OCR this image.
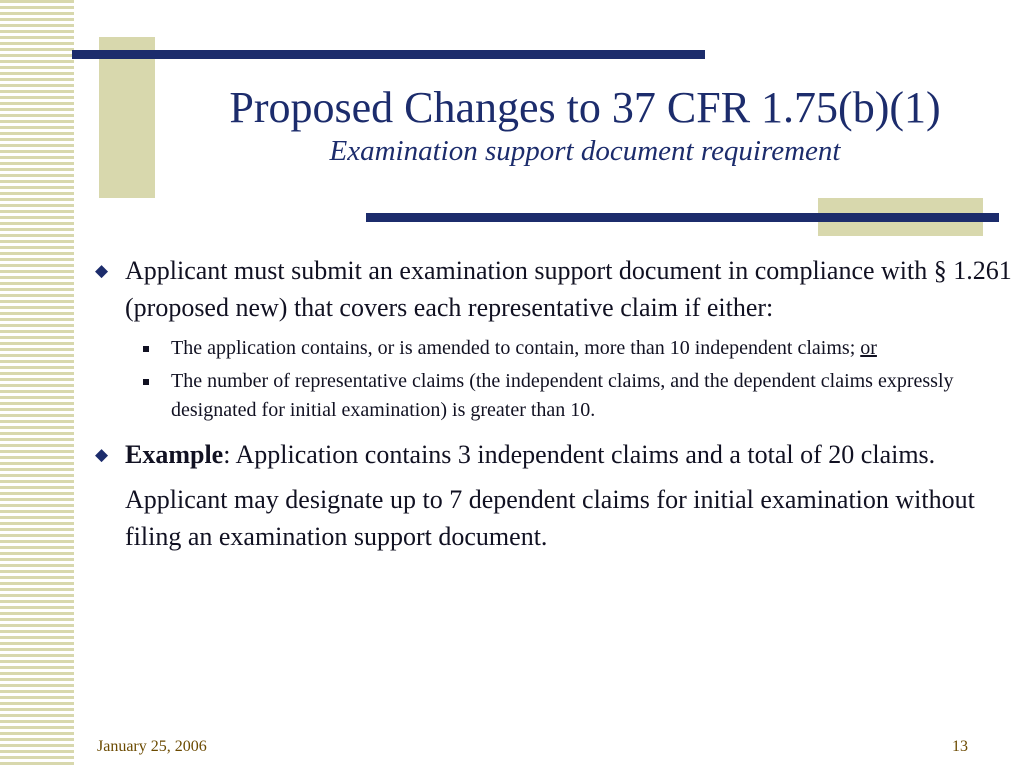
Proposed Changes to 37 CFR 1.75(b)(1)
Examination support document requirement
◆ Applicant must submit an examination support document in compliance with § 1.261 (proposed new) that covers each representative claim if either:
The application contains, or is amended to contain, more than 10 independent claims; or
The number of representative claims (the independent claims, and the dependent claims expressly designated for initial examination) is greater than 10.
◆ Example: Application contains 3 independent claims and a total of 20 claims.
Applicant may designate up to 7 dependent claims for initial examination without filing an examination support document.
January 25, 2006	13
